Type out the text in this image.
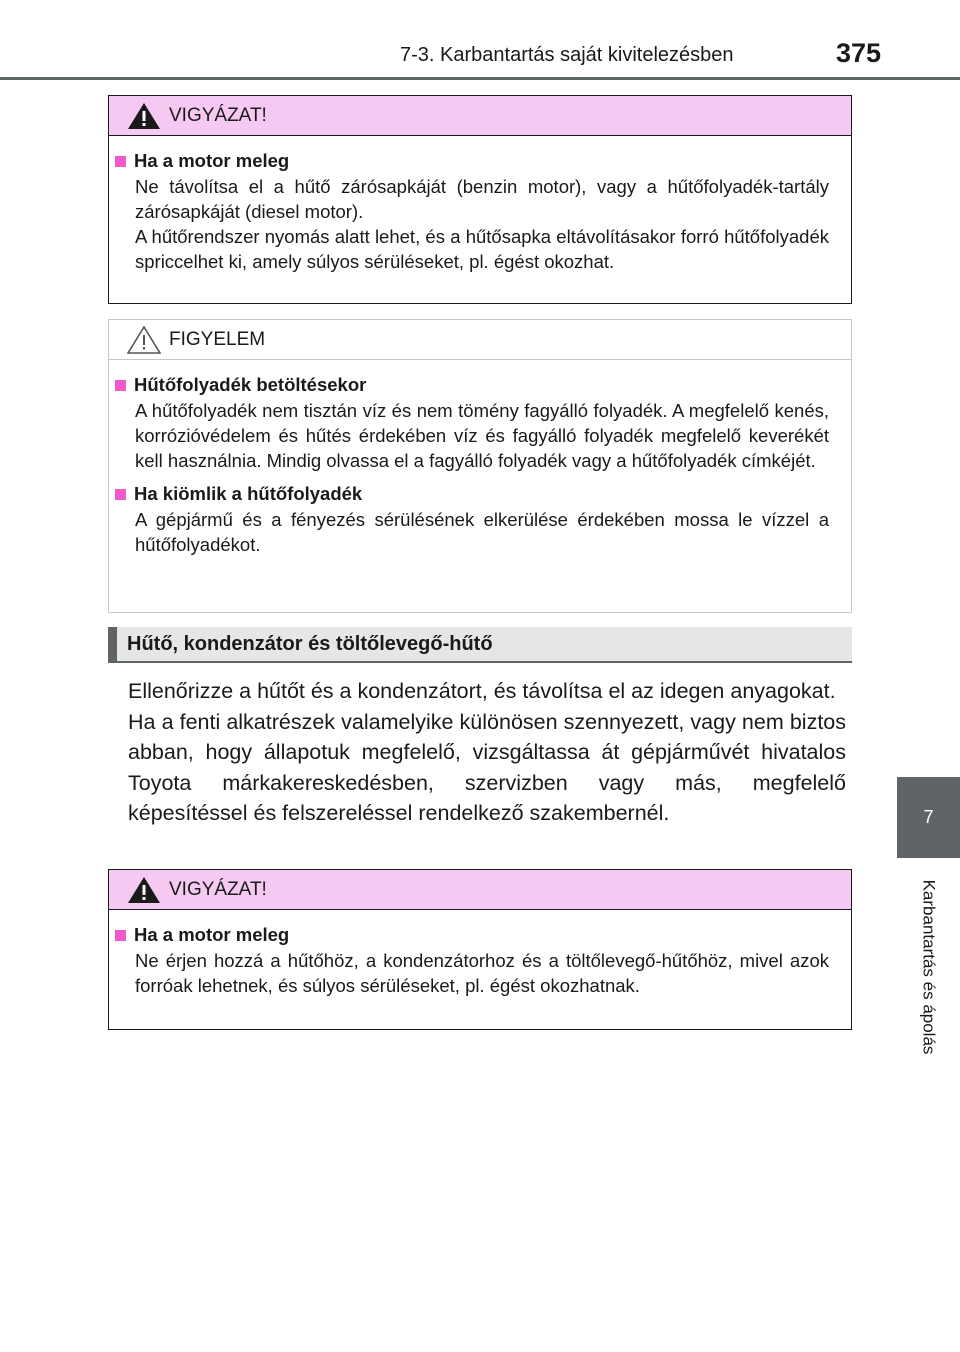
7-3. Karbantartás saját kivitelezésben	375
7
Karbantartás és ápolás
VIGYÁZAT!
Ha a motor meleg
Ne távolítsa el a hűtő zárósapkáját (benzin motor), vagy a hűtőfolyadék-tartály zárósapkáját (diesel motor).
A hűtőrendszer nyomás alatt lehet, és a hűtősapka eltávolításakor forró hűtőfolyadék spriccelhet ki, amely súlyos sérüléseket, pl. égést okozhat.
FIGYELEM
Hűtőfolyadék betöltésekor
A hűtőfolyadék nem tisztán víz és nem tömény fagyálló folyadék. A megfelelő kenés, korrózióvédelem és hűtés érdekében víz és fagyálló folyadék megfelelő keverékét kell használnia. Mindig olvassa el a fagyálló folyadék vagy a hűtőfolyadék címkéjét.
Ha kiömlik a hűtőfolyadék
A gépjármű és a fényezés sérülésének elkerülése érdekében mossa le vízzel a hűtőfolyadékot.
Hűtő, kondenzátor és töltőlevegő-hűtő

Ellenőrizze a hűtőt és a kondenzátort, és távolítsa el az idegen anyagokat.

Ha a fenti alkatrészek valamelyike különösen szennyezett, vagy nem biztos abban, hogy állapotuk megfelelő, vizsgáltassa át gépjárművét hivatalos Toyota márkakereskedésben, szervizben vagy más, megfelelő képesítéssel és felszereléssel rendelkező szakembernél.

VIGYÁZAT!
Ha a motor meleg
Ne érjen hozzá a hűtőhöz, a kondenzátorhoz és a töltőlevegő-hűtőhöz, mivel azok forróak lehetnek, és súlyos sérüléseket, pl. égést okozhatnak.
